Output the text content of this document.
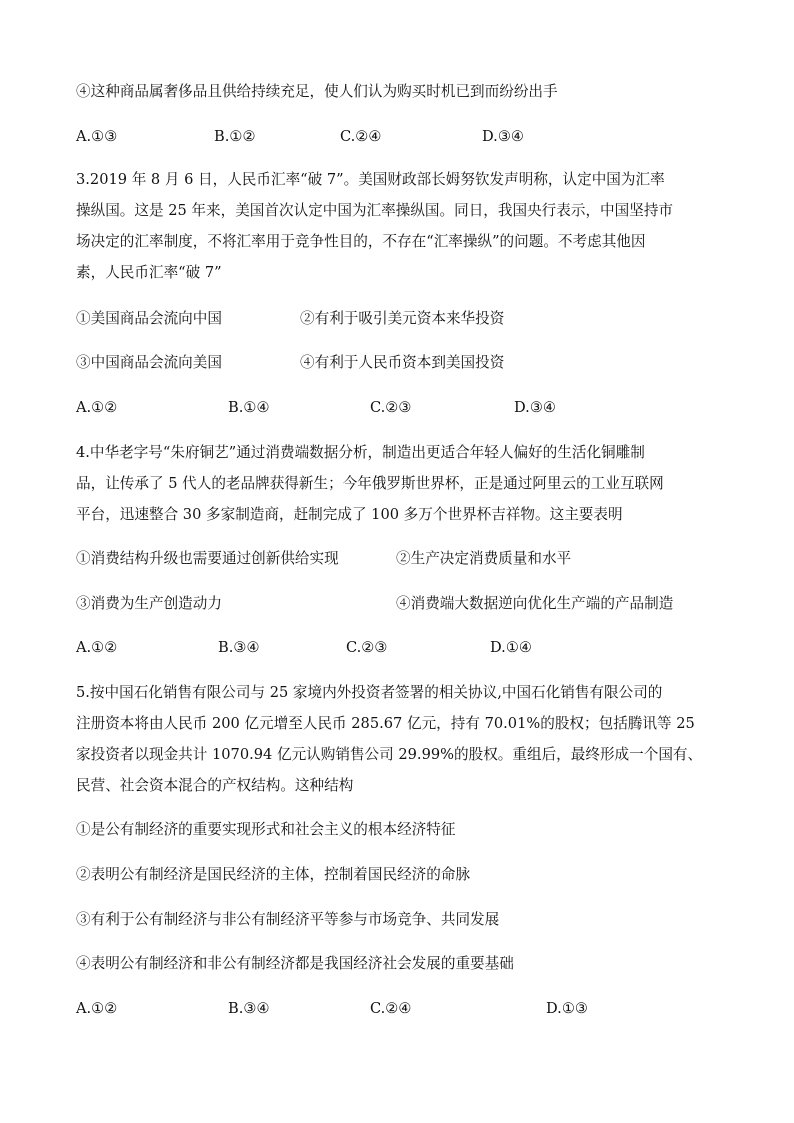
④这种商品属奢侈品且供给持续充足，使人们认为购买时机已到而纷纷出手
A.①③	B.①②	C.②④	D.③④
3.2019 年 8 月 6 日，人民币汇率“破 7”。美国财政部长姆努钦发声明称，认定中国为汇率
操纵国。这是 25 年来，美国首次认定中国为汇率操纵国。同日，我国央行表示，中国坚持市
场决定的汇率制度，不将汇率用于竞争性目的，不存在“汇率操纵”的问题。不考虑其他因
素，人民币汇率“破 7”
①美国商品会流向中国	②有利于吸引美元资本来华投资
③中国商品会流向美国	④有利于人民币资本到美国投资
A.①②	B.①④	C.②③	D.③④
4.中华老字号“朱府铜艺”通过消费端数据分析，制造出更适合年轻人偏好的生活化铜雕制
品，让传承了 5 代人的老品牌获得新生；今年俄罗斯世界杯，正是通过阿里云的工业互联网
平台，迅速整合 30 多家制造商，赶制完成了 100 多万个世界杯吉祥物。这主要表明
①消费结构升级也需要通过创新供给实现	②生产决定消费质量和水平
③消费为生产创造动力	④消费端大数据逆向优化生产端的产品制造
A.①②	B.③④	C.②③	D.①④
5.按中国石化销售有限公司与 25 家境内外投资者签署的相关协议,中国石化销售有限公司的
注册资本将由人民币 200 亿元增至人民币 285.67 亿元，持有 70.01%的股权；包括腾讯等 25
家投资者以现金共计 1070.94 亿元认购销售公司 29.99%的股权。重组后，最终形成一个国有、
民营、社会资本混合的产权结构。这种结构
①是公有制经济的重要实现形式和社会主义的根本经济特征
②表明公有制经济是国民经济的主体，控制着国民经济的命脉
③有利于公有制经济与非公有制经济平等参与市场竞争、共同发展
④表明公有制经济和非公有制经济都是我国经济社会发展的重要基础
A.①②	B.③④	C.②④	D.①③
